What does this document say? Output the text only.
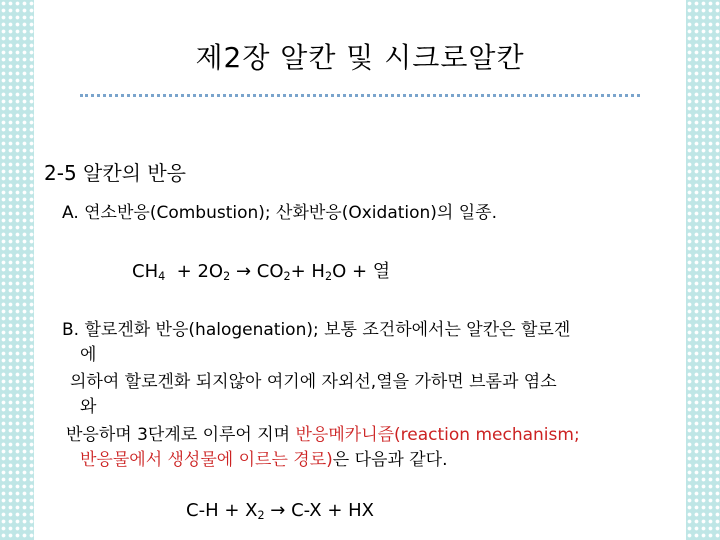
제2장 알칸 및 시크로알칸
2-5 알칸의 반응
A. 연소반응(Combustion); 산화반응(Oxidation)의 일종.
$CH_4 + 2O_2 \to CO_2+ H_2O$ + 열
B. 할로겐화 반응(halogenation); 보통 조건하에서는 알칸은 할로겐
에
의하여 할로겐화 되지않아 여기에 자외선,열을 가하면 브롬과 염소
와
반응하며 3단계로 이루어 지며 반응메카니즘(reaction mechanism;
반응물에서 생성물에 이르는 경로)은 다음과 같다.
$C-H + X_2 \to C-X$ + HX
